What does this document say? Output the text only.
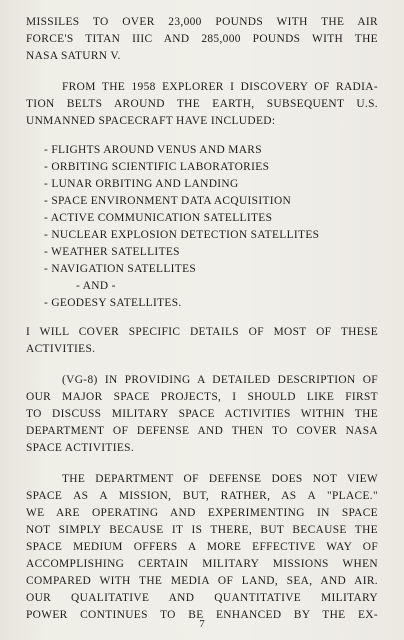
MISSILES TO OVER 23,000 POUNDS WITH THE AIR
FORCE'S TITAN IIIC AND 285,000 POUNDS WITH THE
NASA SATURN V.

FROM THE 1958 EXPLORER I DISCOVERY OF RADIA-
TION BELTS AROUND THE EARTH, SUBSEQUENT U.S.
UNMANNED SPACECRAFT HAVE INCLUDED:

- FLIGHTS AROUND VENUS AND MARS
- ORBITING SCIENTIFIC LABORATORIES
- LUNAR ORBITING AND LANDING
- SPACE ENVIRONMENT DATA ACQUISITION
- ACTIVE COMMUNICATION SATELLITES
- NUCLEAR EXPLOSION DETECTION SATELLITES
- WEATHER SATELLITES
- NAVIGATION SATELLITES
- AND -
- GEODESY SATELLITES.

I WILL COVER SPECIFIC DETAILS OF MOST OF THESE
ACTIVITIES.

(VG-8) IN PROVIDING A DETAILED DESCRIPTION OF
OUR MAJOR SPACE PROJECTS, I SHOULD LIKE FIRST
TO DISCUSS MILITARY SPACE ACTIVITIES WITHIN THE
DEPARTMENT OF DEFENSE AND THEN TO COVER NASA
SPACE ACTIVITIES.

THE DEPARTMENT OF DEFENSE DOES NOT VIEW
SPACE AS A MISSION, BUT, RATHER, AS A "PLACE."
WE ARE OPERATING AND EXPERIMENTING IN SPACE
NOT SIMPLY BECAUSE IT IS THERE, BUT BECAUSE THE
SPACE MEDIUM OFFERS A MORE EFFECTIVE WAY OF
ACCOMPLISHING CERTAIN MILITARY MISSIONS WHEN
COMPARED WITH THE MEDIA OF LAND, SEA, AND AIR.
OUR QUALITATIVE AND QUANTITATIVE MILITARY
POWER CONTINUES TO BE ENHANCED BY THE EX-

7
